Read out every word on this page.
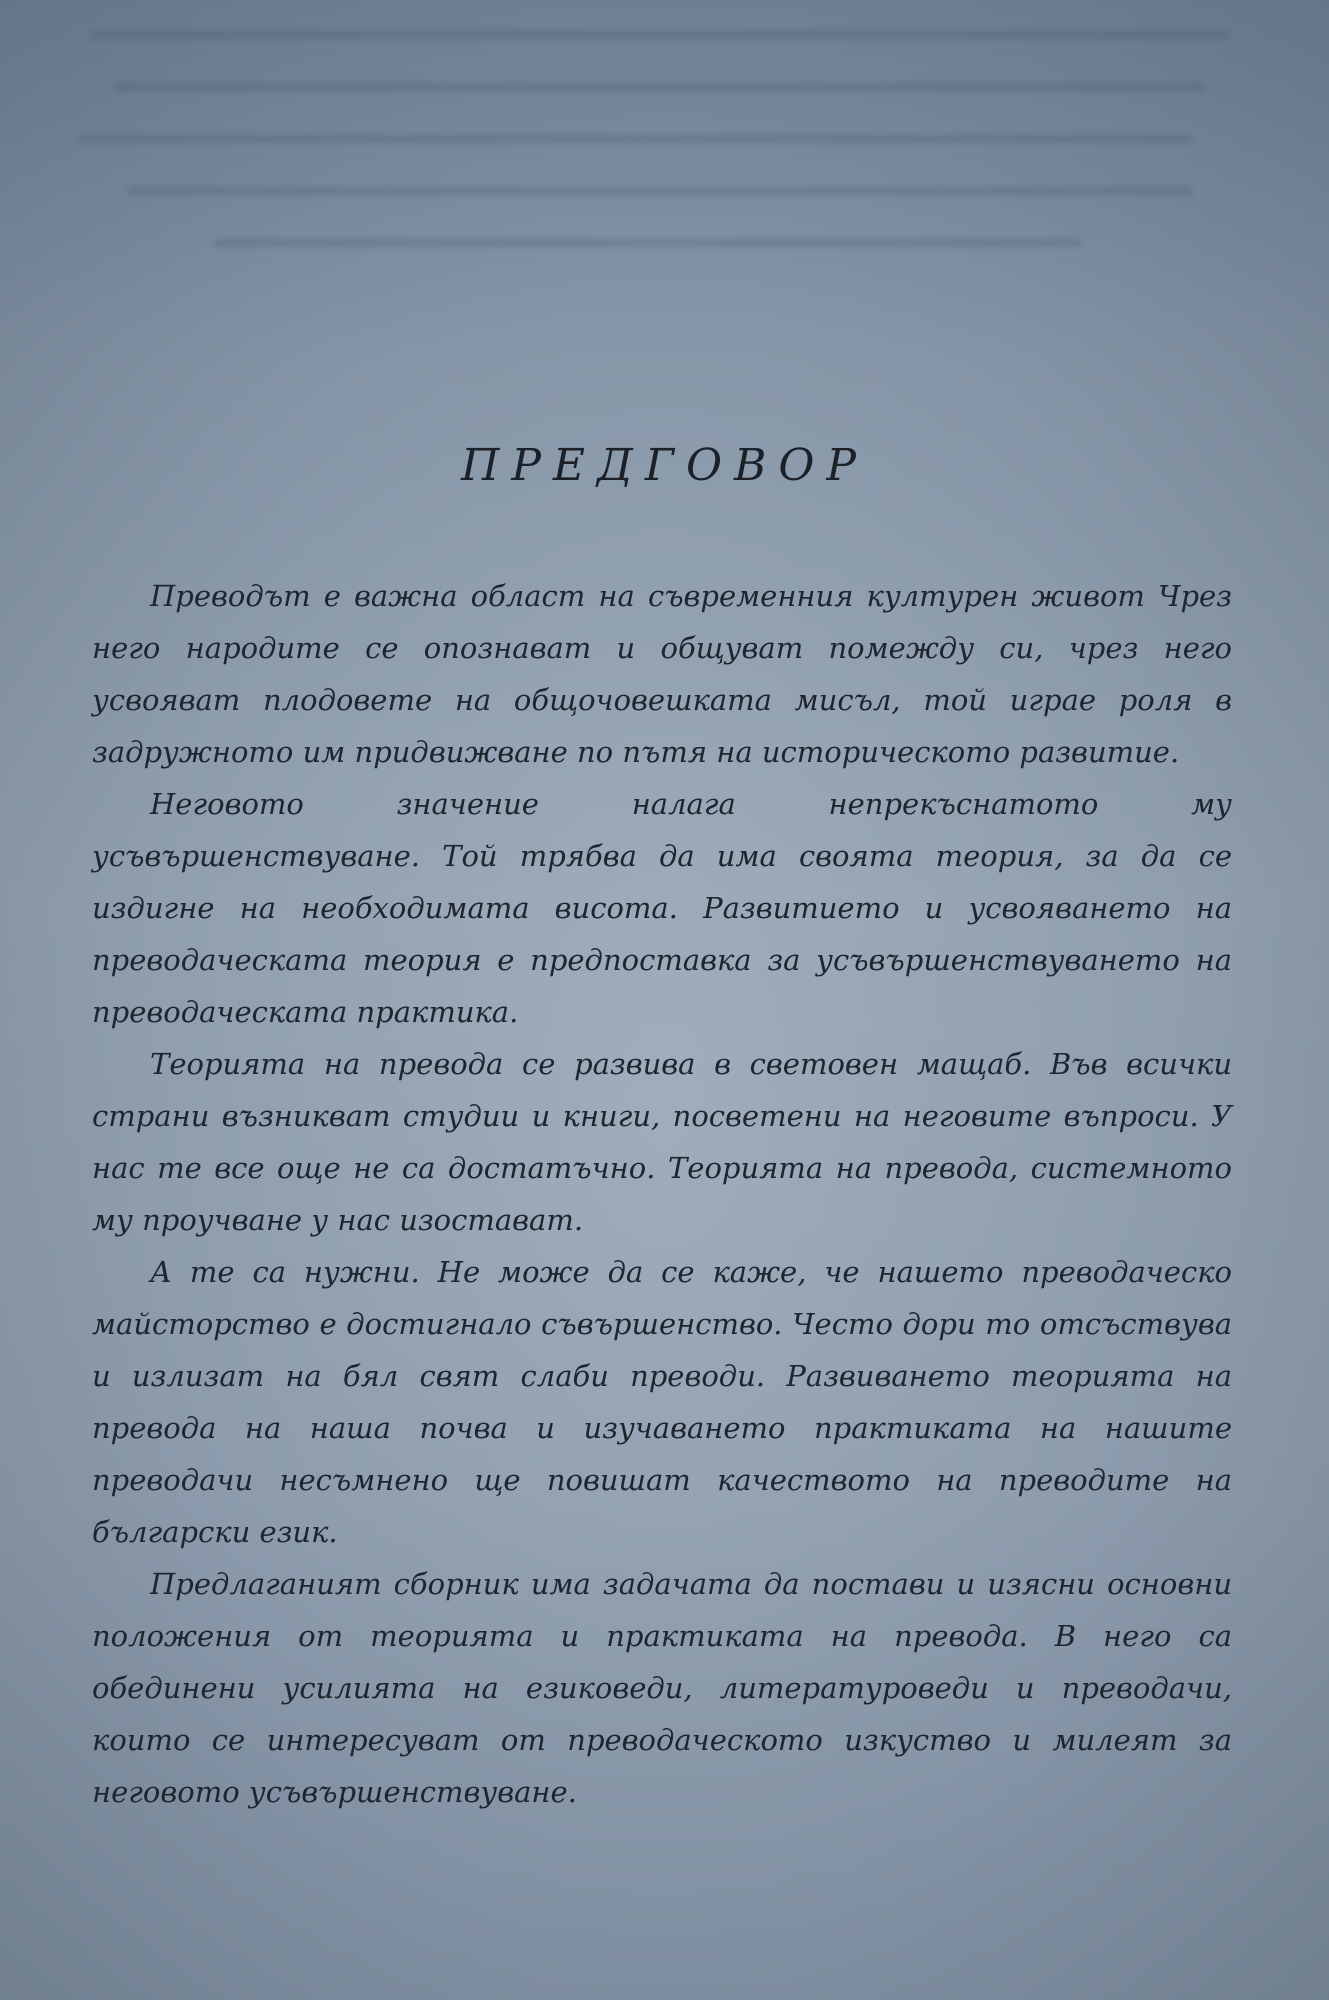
ПРЕДГОВОР

Преводът е важна област на съвременния културен живот Чрез него народите се опознават и общуват помежду си, чрез него усвояват плодовете на общочовешката мисъл, той играе роля в задружното им придвижване по пътя на историческото развитие.

Неговото значение налага непрекъснатото му усъвършенствуване. Той трябва да има своята теория, за да се издигне на необходимата висота. Развитието и усвояването на преводаческата теория е предпоставка за усъвършенствуването на преводаческата практика.

Теорията на превода се развива в световен мащаб. Във всички страни възникват студии и книги, посветени на неговите въпроси. У нас те все още не са достатъчно. Теорията на превода, системното му проучване у нас изостават.

А те са нужни. Не може да се каже, че нашето преводаческо майсторство е достигнало съвършенство. Често дори то отсъствува и излизат на бял свят слаби преводи. Развиването теорията на превода на наша почва и изучаването практиката на нашите преводачи несъмнено ще повишат качеството на преводите на български език.

Предлаганият сборник има задачата да постави и изясни основни положения от теорията и практиката на превода. В него са обединени усилията на езиковеди, литературоведи и преводачи, които се интересуват от преводаческото изкуство и милеят за неговото усъвършенствуване.
